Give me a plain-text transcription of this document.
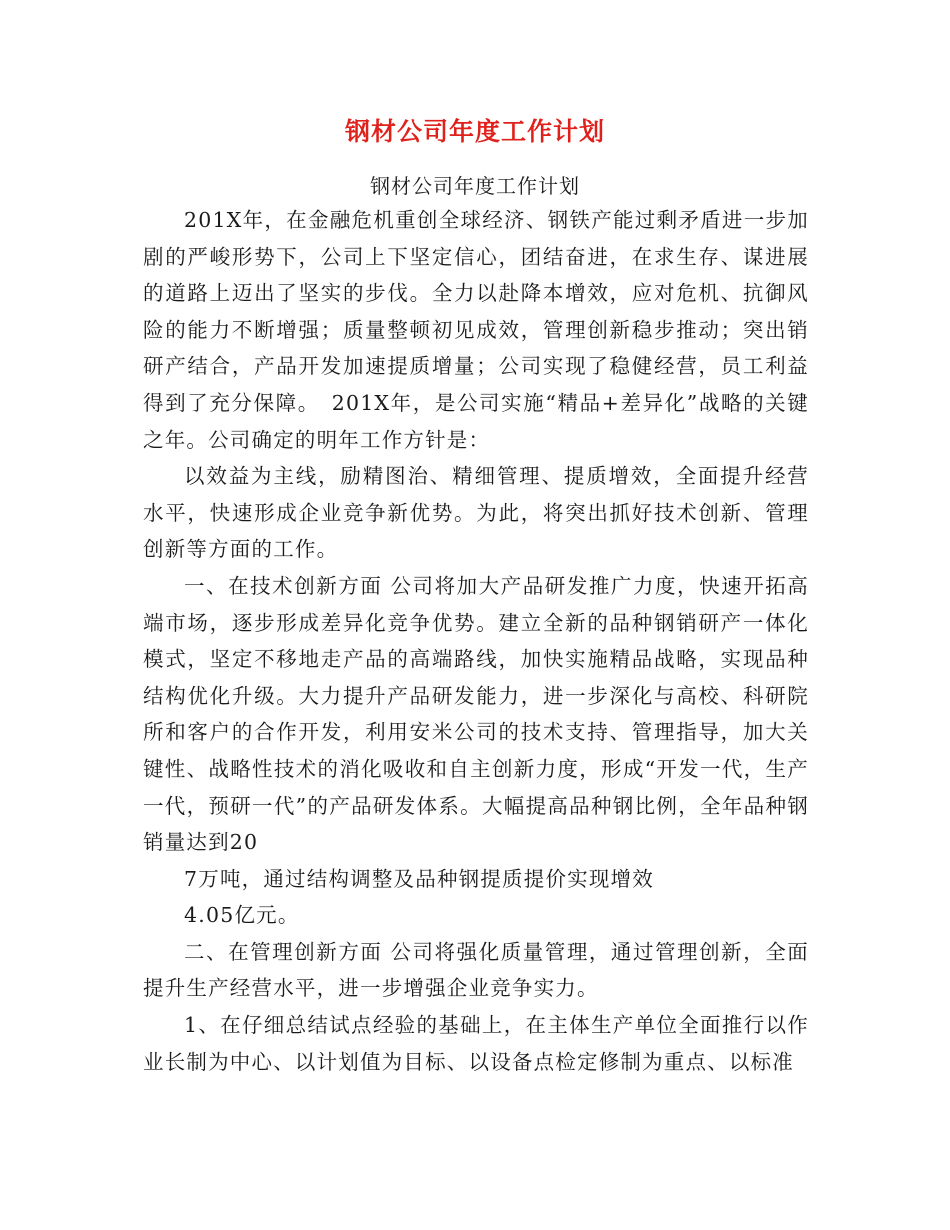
钢材公司年度工作计划
钢材公司年度工作计划

201X年，在金融危机重创全球经济、钢铁产能过剩矛盾进一步加剧的严峻形势下，公司上下坚定信心，团结奋进，在求生存、谋进展的道路上迈出了坚实的步伐。全力以赴降本增效，应对危机、抗御风险的能力不断增强；质量整顿初见成效，管理创新稳步推动；突出销研产结合，产品开发加速提质增量；公司实现了稳健经营，员工利益得到了充分保障。　201X年，是公司实施“精品+差异化”战略的关键之年。公司确定的明年工作方针是：

以效益为主线，励精图治、精细管理、提质增效，全面提升经营水平，快速形成企业竞争新优势。为此，将突出抓好技术创新、管理创新等方面的工作。

一、在技术创新方面 公司将加大产品研发推广力度，快速开拓高端市场，逐步形成差异化竞争优势。建立全新的品种钢销研产一体化模式，坚定不移地走产品的高端路线，加快实施精品战略，实现品种结构优化升级。大力提升产品研发能力，进一步深化与高校、科研院所和客户的合作开发，利用安米公司的技术支持、管理指导，加大关键性、战略性技术的消化吸收和自主创新力度，形成“开发一代，生产一代，预研一代”的产品研发体系。大幅提高品种钢比例，全年品种钢销量达到20

7万吨，通过结构调整及品种钢提质提价实现增效

4.05亿元。

二、在管理创新方面 公司将强化质量管理，通过管理创新，全面提升生产经营水平，进一步增强企业竞争实力。

1、在仔细总结试点经验的基础上，在主体生产单位全面推行以作业长制为中心、以计划值为目标、以设备点检定修制为重点、以标准
